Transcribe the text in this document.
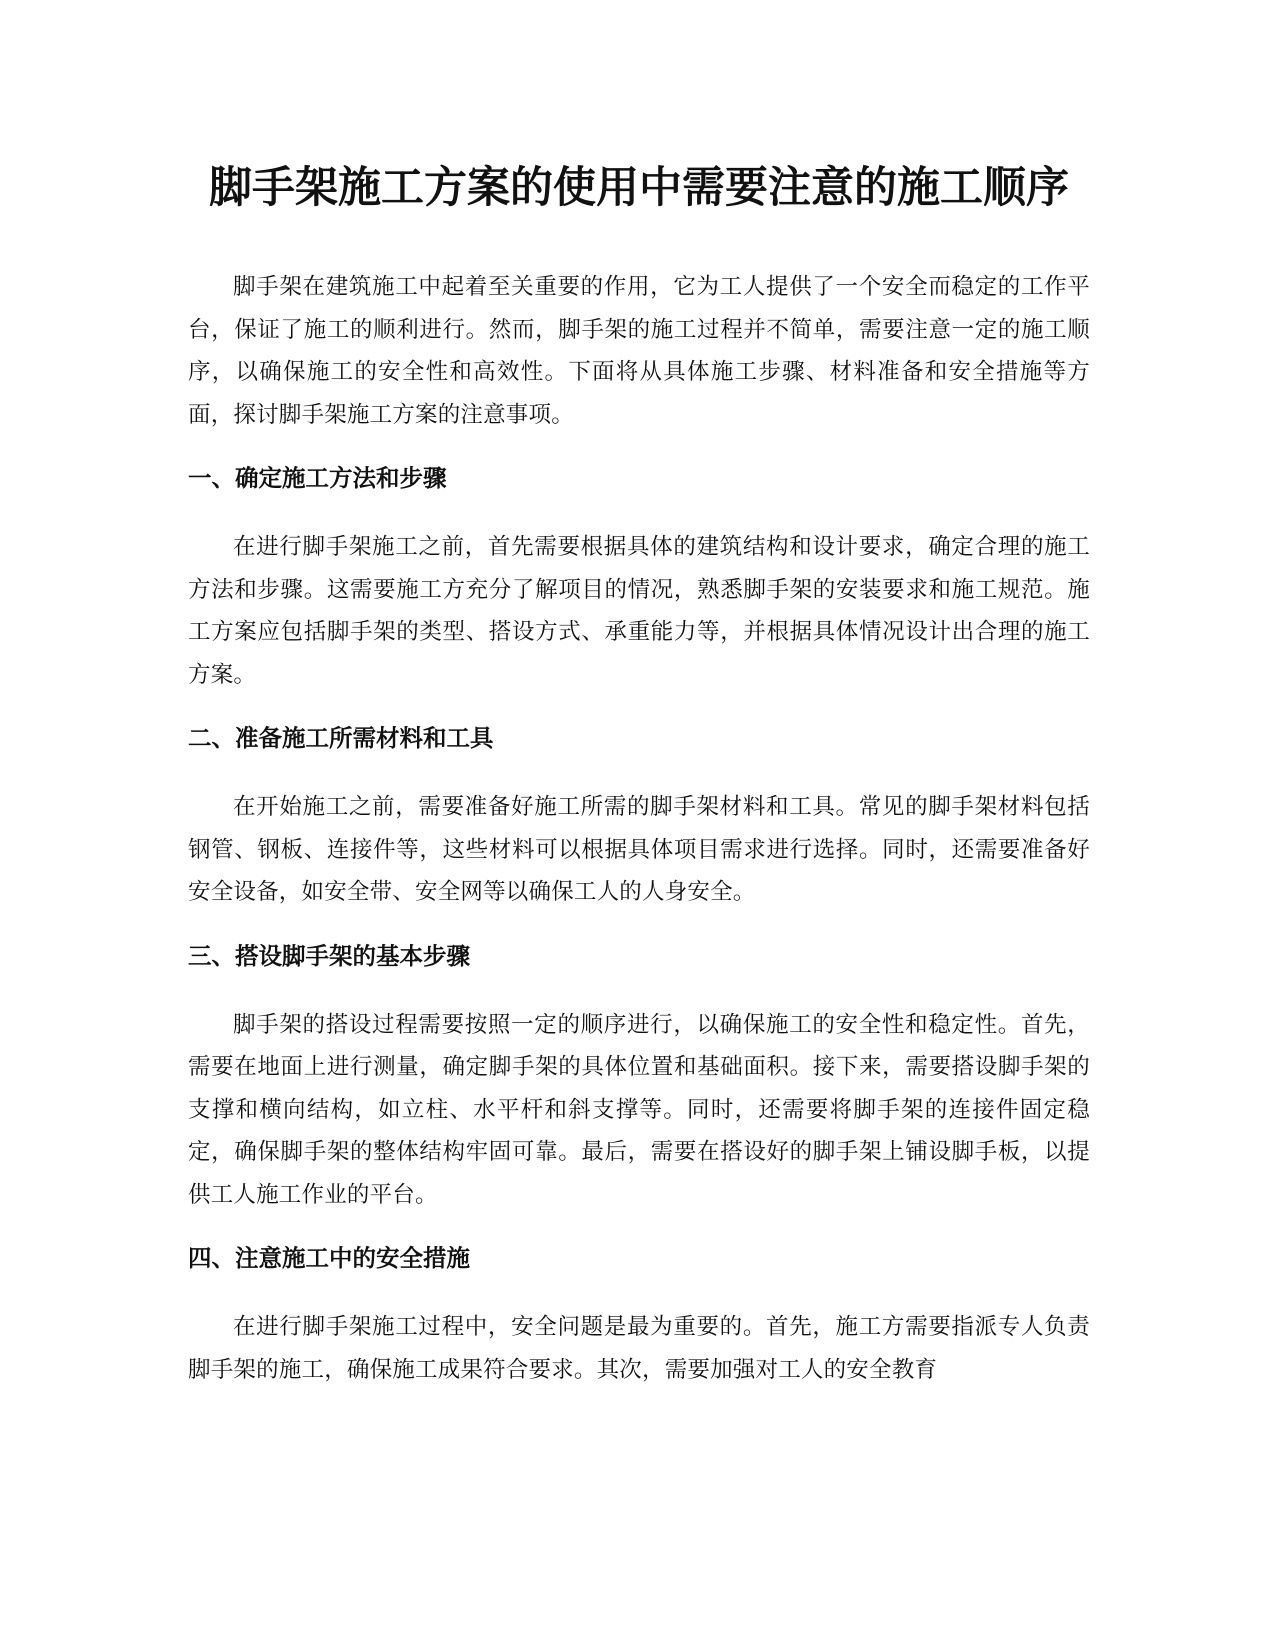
脚手架施工方案的使用中需要注意的施工顺序

脚手架在建筑施工中起着至关重要的作用，它为工人提供了一个安全而稳定的工作平台，保证了施工的顺利进行。然而，脚手架的施工过程并不简单，需要注意一定的施工顺序，以确保施工的安全性和高效性。下面将从具体施工步骤、材料准备和安全措施等方面，探讨脚手架施工方案的注意事项。

一、确定施工方法和步骤

在进行脚手架施工之前，首先需要根据具体的建筑结构和设计要求，确定合理的施工方法和步骤。这需要施工方充分了解项目的情况，熟悉脚手架的安装要求和施工规范。施工方案应包括脚手架的类型、搭设方式、承重能力等，并根据具体情况设计出合理的施工方案。

二、准备施工所需材料和工具

在开始施工之前，需要准备好施工所需的脚手架材料和工具。常见的脚手架材料包括钢管、钢板、连接件等，这些材料可以根据具体项目需求进行选择。同时，还需要准备好安全设备，如安全带、安全网等以确保工人的人身安全。

三、搭设脚手架的基本步骤

脚手架的搭设过程需要按照一定的顺序进行，以确保施工的安全性和稳定性。首先，需要在地面上进行测量，确定脚手架的具体位置和基础面积。接下来，需要搭设脚手架的支撑和横向结构，如立柱、水平杆和斜支撑等。同时，还需要将脚手架的连接件固定稳定，确保脚手架的整体结构牢固可靠。最后，需要在搭设好的脚手架上铺设脚手板，以提供工人施工作业的平台。

四、注意施工中的安全措施

在进行脚手架施工过程中，安全问题是最为重要的。首先，施工方需要指派专人负责脚手架的施工，确保施工成果符合要求。其次，需要加强对工人的安全教育
